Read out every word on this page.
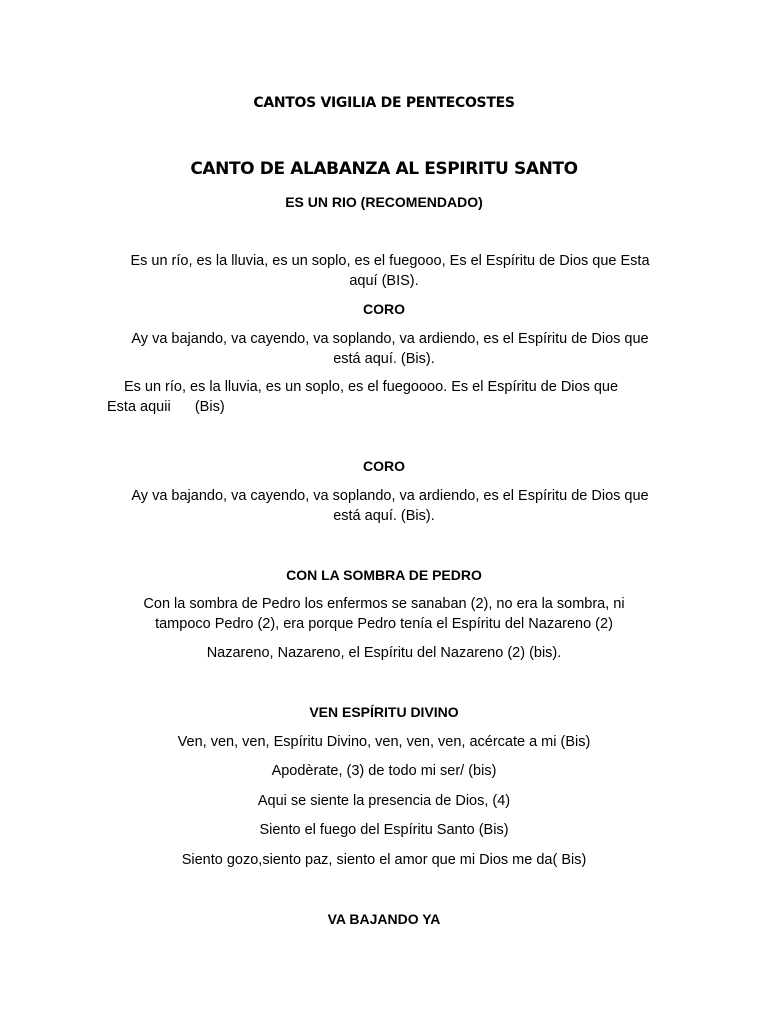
CANTOS VIGILIA DE PENTECOSTES
CANTO DE ALABANZA AL ESPIRITU SANTO
ES UN RIO (RECOMENDADO)
Es un río, es la lluvia, es un soplo, es el fuegooo, Es el Espíritu de Dios que Esta
aquí (BIS).
CORO
Ay va bajando, va cayendo, va soplando, va ardiendo, es el Espíritu de Dios que
está aquí. (Bis).
Es un río, es la lluvia, es un soplo, es el fuegoooo. Es el Espíritu de Dios que
Esta aquii      (Bis)
CORO
Ay va bajando, va cayendo, va soplando, va ardiendo, es el Espíritu de Dios que
está aquí. (Bis).
CON LA SOMBRA DE PEDRO
Con la sombra de Pedro los enfermos se sanaban (2), no era la sombra, ni
tampoco Pedro (2), era porque Pedro tenía el Espíritu del Nazareno (2)
Nazareno, Nazareno, el Espíritu del Nazareno (2) (bis).
VEN ESPÍRITU DIVINO
Ven, ven, ven, Espíritu Divino, ven, ven, ven, acércate a mi (Bis)
Apodèrate, (3) de todo mi ser/ (bis)
Aqui se siente la presencia de Dios, (4)
Siento el fuego del Espíritu Santo (Bis)
Siento gozo,siento paz, siento el amor que mi Dios me da( Bis)
VA BAJANDO YA
